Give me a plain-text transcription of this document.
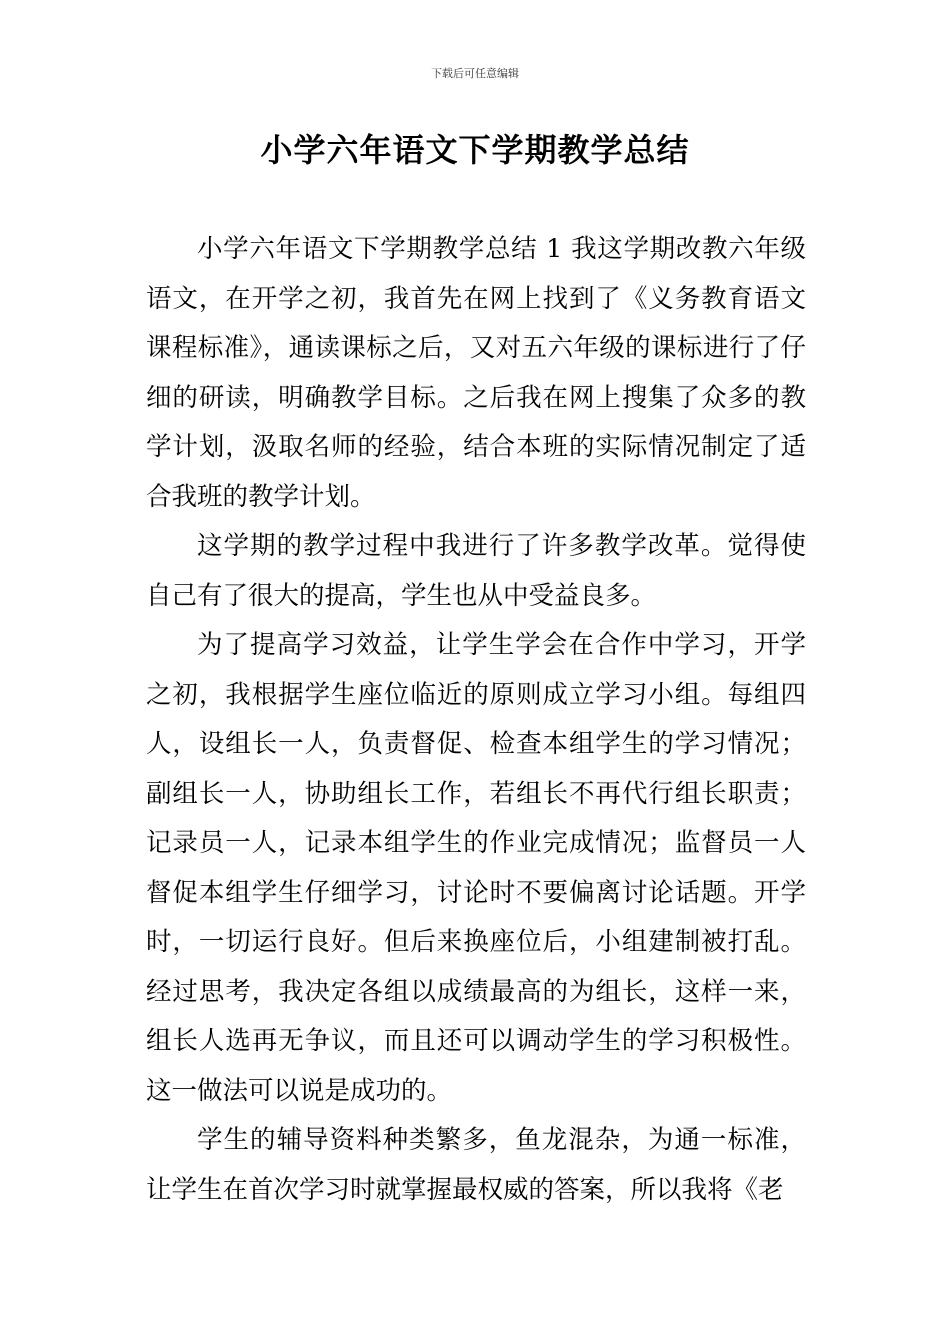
下载后可任意编辑
小学六年语文下学期教学总结

小学六年语文下学期教学总结 1 我这学期改教六年级语文，在开学之初，我首先在网上找到了《义务教育语文课程标准》，通读课标之后，又对五六年级的课标进行了仔细的研读，明确教学目标。之后我在网上搜集了众多的教学计划，汲取名师的经验，结合本班的实际情况制定了适合我班的教学计划。

这学期的教学过程中我进行了许多教学改革。觉得使自己有了很大的提高，学生也从中受益良多。

为了提高学习效益，让学生学会在合作中学习，开学之初，我根据学生座位临近的原则成立学习小组。每组四人，设组长一人，负责督促、检查本组学生的学习情况；副组长一人，协助组长工作，若组长不再代行组长职责；记录员一人，记录本组学生的作业完成情况；监督员一人督促本组学生仔细学习，讨论时不要偏离讨论话题。开学时，一切运行良好。但后来换座位后，小组建制被打乱。经过思考，我决定各组以成绩最高的为组长，这样一来，组长人选再无争议，而且还可以调动学生的学习积极性。这一做法可以说是成功的。

学生的辅导资料种类繁多，鱼龙混杂，为通一标准，让学生在首次学习时就掌握最权威的答案，所以我将《老
